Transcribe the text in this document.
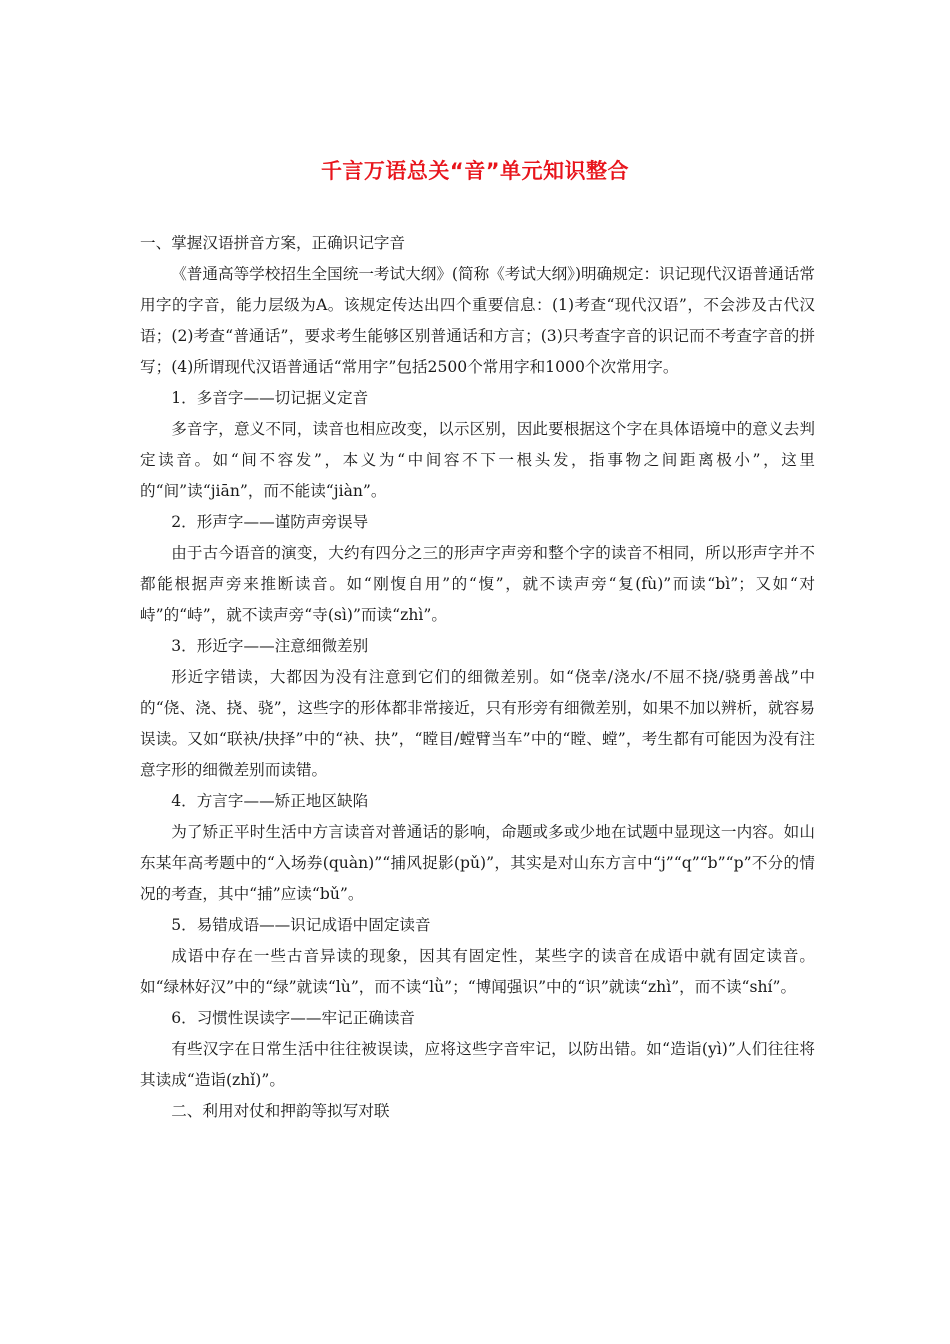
千言万语总关“音”单元知识整合

一、掌握汉语拼音方案，正确识记字音

《普通高等学校招生全国统一考试大纲》(简称《考试大纲》)明确规定：识记现代汉语普通话常用字的字音，能力层级为A。该规定传达出四个重要信息：(1)考查“现代汉语”，不会涉及古代汉语；(2)考查“普通话”，要求考生能够区别普通话和方言；(3)只考查字音的识记而不考查字音的拼写；(4)所谓现代汉语普通话“常用字”包括2500个常用字和1000个次常用字。

1．多音字——切记据义定音

多音字，意义不同，读音也相应改变，以示区别，因此要根据这个字在具体语境中的意义去判定读音。如“间不容发”，本义为“中间容不下一根头发，指事物之间距离极小”，这里的“间”读“jiān”，而不能读“jiàn”。

2．形声字——谨防声旁误导

由于古今语音的演变，大约有四分之三的形声字声旁和整个字的读音不相同，所以形声字并不都能根据声旁来推断读音。如“刚愎自用”的“愎”，就不读声旁“复(fù)”而读“bì”；又如“对峙”的“峙”，就不读声旁“寺(sì)”而读“zhì”。

3．形近字——注意细微差别

形近字错读，大都因为没有注意到它们的细微差别。如“侥幸/浇水/不屈不挠/骁勇善战”中的“侥、浇、挠、骁”，这些字的形体都非常接近，只有形旁有细微差别，如果不加以辨析，就容易误读。又如“联袂/抉择”中的“袂、抉”，“瞠目/螳臂当车”中的“瞠、螳”，考生都有可能因为没有注意字形的细微差别而读错。

4．方言字——矫正地区缺陷

为了矫正平时生活中方言读音对普通话的影响，命题或多或少地在试题中显现这一内容。如山东某年高考题中的“入场券(quàn)”“捕风捉影(pǔ)”，其实是对山东方言中“j”“q”“b”“p”不分的情况的考查，其中“捕”应读“bǔ”。

5．易错成语——识记成语中固定读音

成语中存在一些古音异读的现象，因其有固定性，某些字的读音在成语中就有固定读音。如“绿林好汉”中的“绿”就读“lù”，而不读“lǜ”；“博闻强识”中的“识”就读“zhì”，而不读“shí”。

6．习惯性误读字——牢记正确读音

有些汉字在日常生活中往往被误读，应将这些字音牢记，以防出错。如“造诣(yì)”人们往往将其读成“造诣(zhǐ)”。

二、利用对仗和押韵等拟写对联
